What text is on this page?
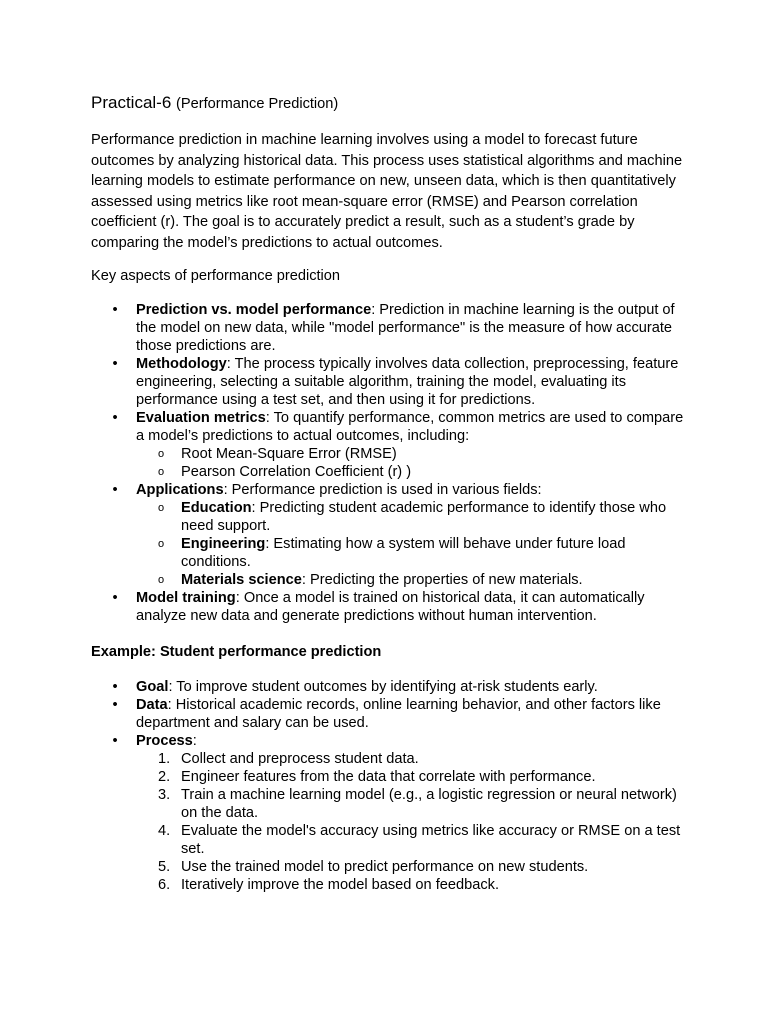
Practical-6 (Performance Prediction)

Performance prediction in machine learning involves using a model to forecast future outcomes by analyzing historical data. This process uses statistical algorithms and machine learning models to estimate performance on new, unseen data, which is then quantitatively assessed using metrics like root mean-square error (RMSE) and Pearson correlation coefficient (r). The goal is to accurately predict a result, such as a student’s grade by comparing the model’s predictions to actual outcomes.

Key aspects of performance prediction

• Prediction vs. model performance: Prediction in machine learning is the output of the model on new data, while "model performance" is the measure of how accurate those predictions are.
• Methodology: The process typically involves data collection, preprocessing, feature engineering, selecting a suitable algorithm, training the model, evaluating its performance using a test set, and then using it for predictions.
• Evaluation metrics: To quantify performance, common metrics are used to compare a model’s predictions to actual outcomes, including:
o Root Mean-Square Error (RMSE)
o Pearson Correlation Coefficient (r) )
• Applications: Performance prediction is used in various fields:
o Education: Predicting student academic performance to identify those who need support.
o Engineering: Estimating how a system will behave under future load conditions.
o Materials science: Predicting the properties of new materials.
• Model training: Once a model is trained on historical data, it can automatically analyze new data and generate predictions without human intervention.

Example: Student performance prediction

• Goal: To improve student outcomes by identifying at-risk students early.
• Data: Historical academic records, online learning behavior, and other factors like department and salary can be used.
• Process:
1. Collect and preprocess student data.
2. Engineer features from the data that correlate with performance.
3. Train a machine learning model (e.g., a logistic regression or neural network) on the data.
4. Evaluate the model's accuracy using metrics like accuracy or RMSE on a test set.
5. Use the trained model to predict performance on new students.
6. Iteratively improve the model based on feedback.
